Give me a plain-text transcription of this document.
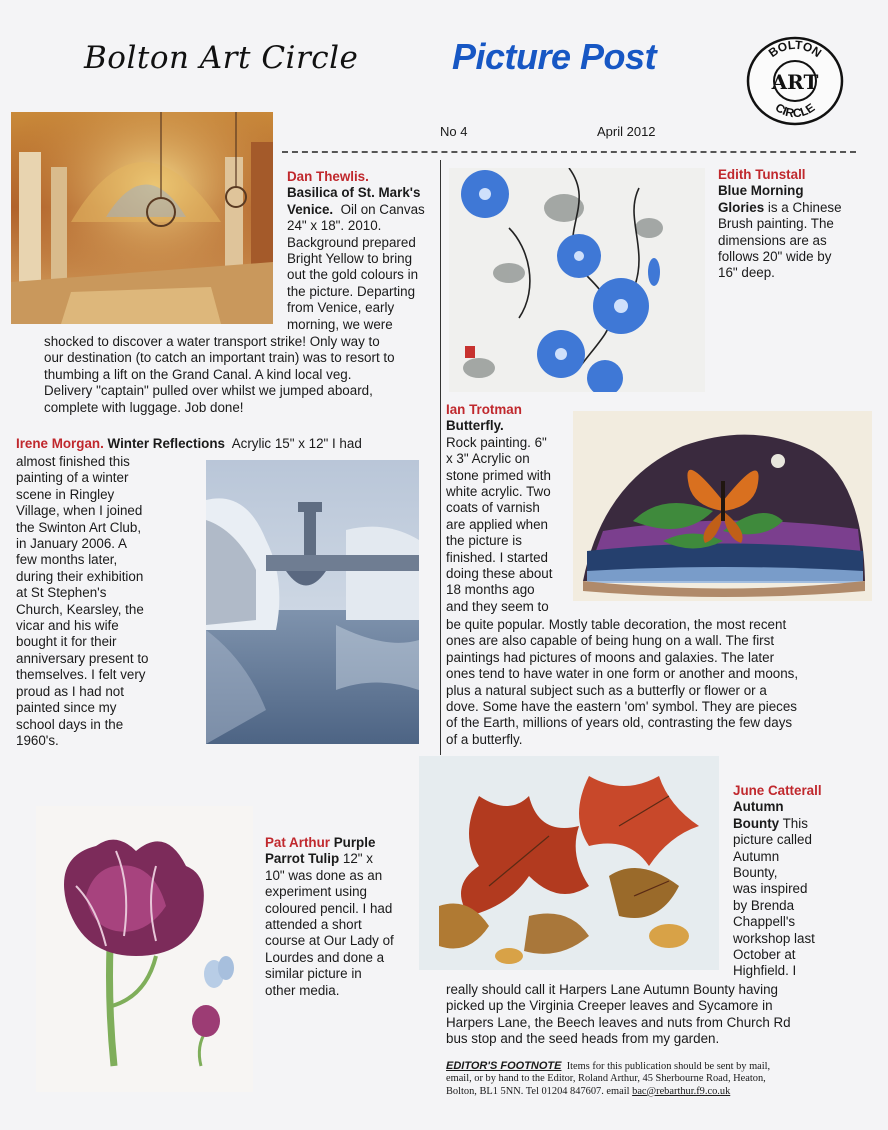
Bolton Art Circle	Picture Post	BOLTON
CIRCLE
ART
No 4	April 2012

Dan Thewlis.
Basilica of St. Mark's
Venice. Oil on Canvas
24" x 18". 2010.
Background prepared
Bright Yellow to bring
out the gold colours in
the picture. Departing
from Venice, early
morning, we were

shocked to discover a water transport strike! Only way to
our destination (to catch an important train) was to resort to
thumbing a lift on the Grand Canal. A kind local veg.
Delivery "captain" pulled over whilst we jumped aboard,
complete with luggage. Job done!

Edith Tunstall
Blue Morning
Glories is a Chinese
Brush painting. The
dimensions are as
follows 20" wide by
16" deep.

Irene Morgan. Winter Reflections Acrylic 15" x 12" I had

almost finished this
painting of a winter
scene in Ringley
Village, when I joined
the Swinton Art Club,
in January 2006. A
few months later,
during their exhibition
at St Stephen's
Church, Kearsley, the
vicar and his wife
bought it for their
anniversary present to
themselves. I felt very
proud as I had not
painted since my
school days in the
1960's.

Ian Trotman
Butterfly.
Rock painting. 6"
x 3" Acrylic on
stone primed with
white acrylic. Two
coats of varnish
are applied when
the picture is
finished. I started
doing these about
18 months ago
and they seem to

be quite popular. Mostly table decoration, the most recent
ones are also capable of being hung on a wall. The first
paintings had pictures of moons and galaxies. The later
ones tend to have water in one form or another and moons,
plus a natural subject such as a butterfly or flower or a
dove. Some have the eastern 'om' symbol. They are pieces
of the Earth, millions of years old, contrasting the few days
of a butterfly.

Pat Arthur Purple
Parrot Tulip 12" x
10" was done as an
experiment using
coloured pencil. I had
attended a short
course at Our Lady of
Lourdes and done a
similar picture in
other media.

June Catterall
Autumn
Bounty This
picture called
Autumn
Bounty,
was inspired
by Brenda
Chappell's
workshop last
October at
Highfield. I

really should call it Harpers Lane Autumn Bounty having
picked up the Virginia Creeper leaves and Sycamore in
Harpers Lane, the Beech leaves and nuts from Church Rd
bus stop and the seed heads from my garden.

EDITOR'S FOOTNOTE Items for this publication should be sent by mail,
email, or by hand to the Editor, Roland Arthur, 45 Sherbourne Road, Heaton,
Bolton, BL1 5NN. Tel 01204 847607. email bac@rebarthur.f9.co.uk
